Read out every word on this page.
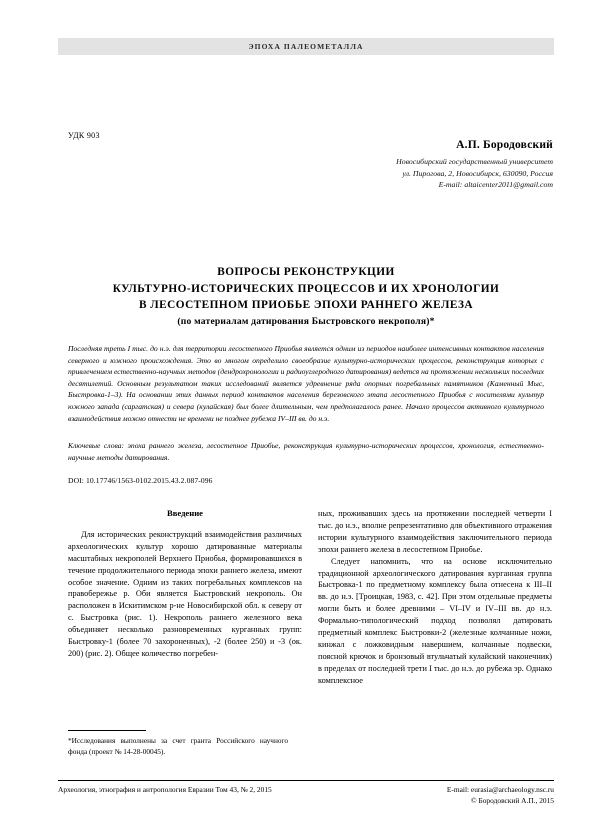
ЭПОХА ПАЛЕОМЕТАЛЛА
УДК 903
А.П. Бородовский
Новосибирский государственный университет
ул. Пирогова, 2, Новосибирск, 630090, Россия
E-mail: altaicenter2011@gmail.com
ВОПРОСЫ РЕКОНСТРУКЦИИ
КУЛЬТУРНО-ИСТОРИЧЕСКИХ ПРОЦЕССОВ И ИХ ХРОНОЛОГИИ
В ЛЕСОСТЕПНОМ ПРИОБЬЕ ЭПОХИ РАННЕГО ЖЕЛЕЗА
(по материалам датирования Быстровского некрополя)*
Последняя треть I тыс. до н.э. для территории лесостепного Приобья является одним из периодов наиболее интенсивных контактов населения северного и южного происхождения. Это во многом определило своеобразие культурно-исторических процессов, реконструкция которых с привлечением естественно-научных методов (дендрохронологии и радиоуглеродного датирования) ведется на протяжении нескольких последних десятилетий. Основным результатом таких исследований является удревнение ряда опорных погребальных памятников (Каменный Мыс, Быстровка-1–3). На основании этих данных период контактов населения березовского этапа лесостепного Приобья с носителями культур южного запада (саргатская) и севера (кулайская) был более длительным, чем предполагалось ранее. Начало процессов активного культурного взаимодействия можно отнести не времени не позднее рубежа IV–III вв. до н.э.
Ключевые слова: эпоха раннего железа, лесостепное Приобье, реконструкция культурно-исторических процессов, хронология, естественно-научные методы датирования.
DOI: 10.17746/1563-0102.2015.43.2.087-096
Введение

Для исторических реконструкций взаимодействия различных археологических культур хорошо датированные материалы масштабных некрополей Верхнего Приобья, формировавшихся в течение продолжительного периода эпохи раннего железа, имеют особое значение. Одним из таких погребальных комплексов на правобережье р. Оби является Быстровский некрополь. Он расположен в Искитимском р-не Новосибирской обл. к северу от с. Быстровка (рис. 1). Некрополь раннего железного века объединяет несколько разновременных курганных групп: Быстровку-1 (более 70 захороненных), -2 (более 250) и -3 (ок. 200) (рис. 2). Общее количество погребен-

ных, проживавших здесь на протяжении последней четверти I тыс. до н.э., вполне репрезентативно для объективного отражения истории культурного взаимодействия заключительного периода эпохи раннего железа в лесостепном Приобье.

Следует напомнить, что на основе исключительно традиционной археологического датирования курганная группа Быстровка-1 по предметному комплексу была отнесена к III–II вв. до н.э. [Троицкая, 1983, с. 42]. При этом отдельные предметы могли быть и более древними – VI–IV и IV–III вв. до н.э. Формально-типологический подход позволял датировать предметный комплекс Быстровки-2 (железные колчанные ножи, кинжал с ложковидным навершием, колчанные подвески, поясной крючок и бронзовый втульчатый кулайский наконечник) в пределах от последней трети I тыс. до н.э. до рубежа эр. Однако комплексное

*Исследования выполнены за счет гранта Российского научного фонда (проект № 14-28-00045).
Археология, этнография и антропология Евразии Том 43, № 2, 2015	E-mail: eurasia@archaeology.nsc.ru
© Бородовский А.П., 2015
